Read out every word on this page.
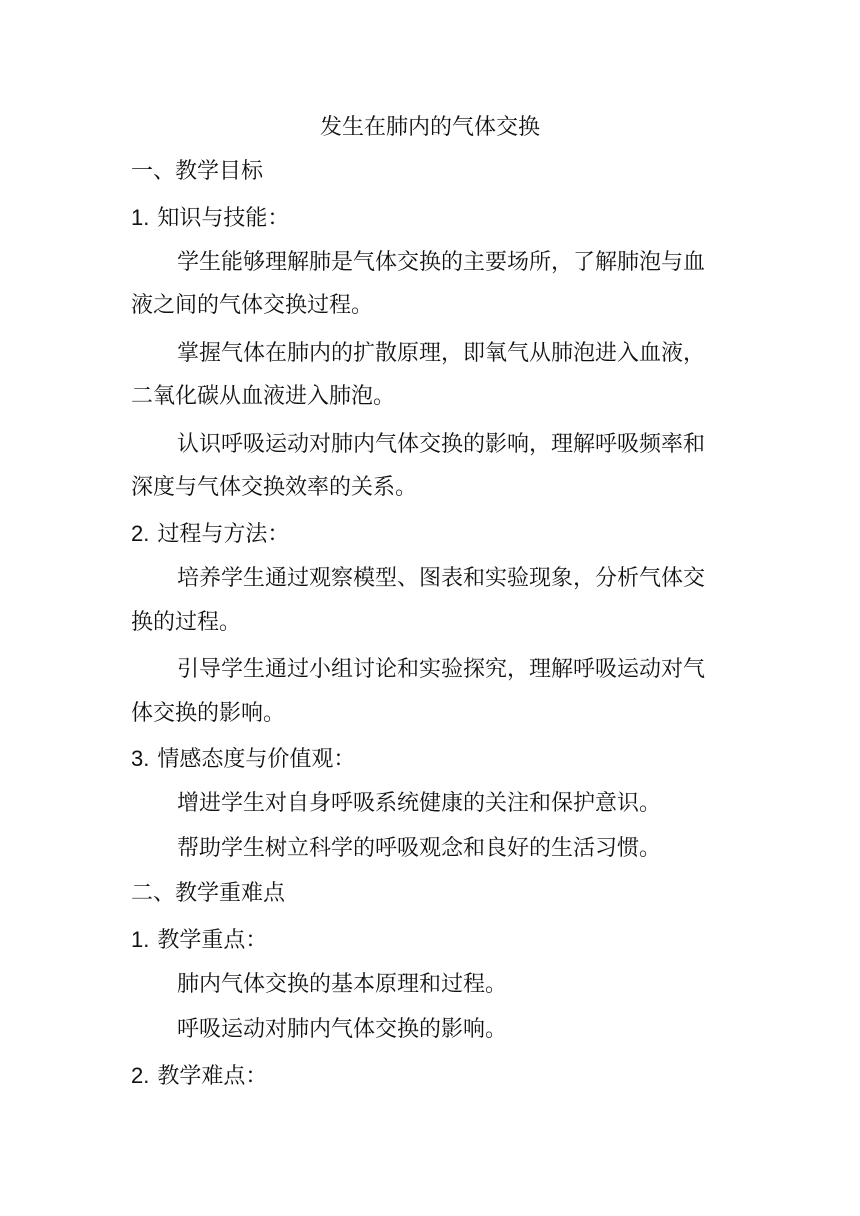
发生在肺内的气体交换
一、教学目标
1. 知识与技能：
学生能够理解肺是气体交换的主要场所，了解肺泡与血
液之间的气体交换过程。
掌握气体在肺内的扩散原理，即氧气从肺泡进入血液，
二氧化碳从血液进入肺泡。
认识呼吸运动对肺内气体交换的影响，理解呼吸频率和
深度与气体交换效率的关系。
2. 过程与方法：
培养学生通过观察模型、图表和实验现象，分析气体交
换的过程。
引导学生通过小组讨论和实验探究，理解呼吸运动对气
体交换的影响。
3. 情感态度与价值观：
增进学生对自身呼吸系统健康的关注和保护意识。
帮助学生树立科学的呼吸观念和良好的生活习惯。
二、教学重难点
1. 教学重点：
肺内气体交换的基本原理和过程。
呼吸运动对肺内气体交换的影响。
2. 教学难点：
